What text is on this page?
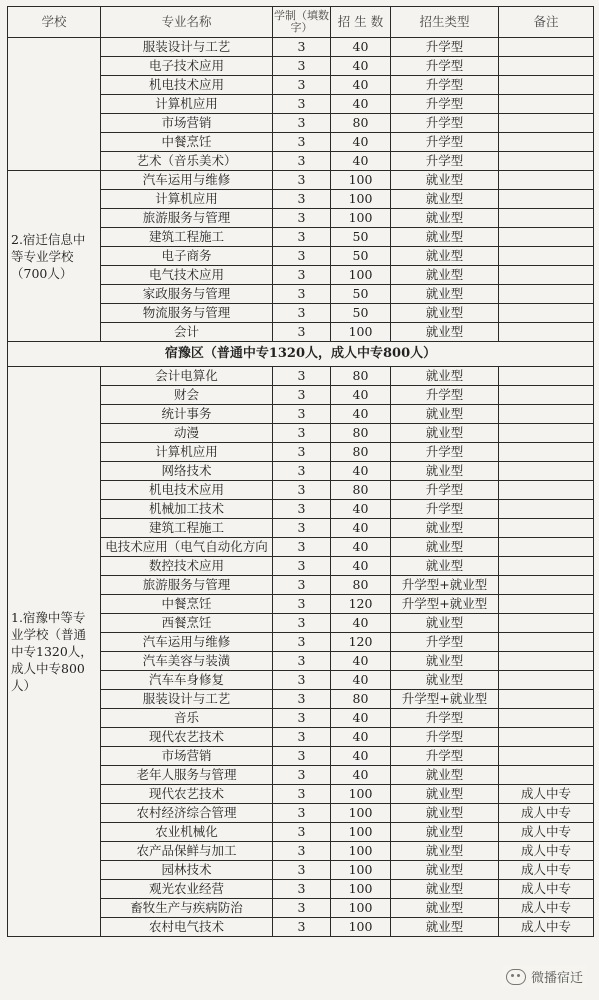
学校	专业名称	学制（填数字）	招 生 数	招生类型	备注
	服装设计与工艺	3	40	升学型	
	电子技术应用	3	40	升学型	
	机电技术应用	3	40	升学型	
	计算机应用	3	40	升学型	
	市场营销	3	80	升学型	
	中餐烹饪	3	40	升学型	
	艺术（音乐美术）	3	40	升学型	
2.宿迁信息中等专业学校（700人）	汽车运用与维修	3	100	就业型	
	计算机应用	3	100	就业型	
	旅游服务与管理	3	100	就业型	
	建筑工程施工	3	50	就业型	
	电子商务	3	50	就业型	
	电气技术应用	3	100	就业型	
	家政服务与管理	3	50	就业型	
	物流服务与管理	3	50	就业型	
	会计	3	100	就业型	
宿豫区（普通中专1320人，成人中专800人）					
1.宿豫中等专业学校（普通中专1320人，成人中专800人）	会计电算化	3	80	就业型	
	财会	3	40	升学型	
	统计事务	3	40	就业型	
	动漫	3	80	就业型	
	计算机应用	3	80	升学型	
	网络技术	3	40	就业型	
	机电技术应用	3	80	升学型	
	机械加工技术	3	40	升学型	
	建筑工程施工	3	40	就业型	
	电技术应用（电气自动化方向	3	40	就业型	
	数控技术应用	3	40	就业型	
	旅游服务与管理	3	80	升学型+就业型	
	中餐烹饪	3	120	升学型+就业型	
	西餐烹饪	3	40	就业型	
	汽车运用与维修	3	120	升学型	
	汽车美容与装潢	3	40	就业型	
	汽车车身修复	3	40	就业型	
	服装设计与工艺	3	80	升学型+就业型	
	音乐	3	40	升学型	
	现代农艺技术	3	40	升学型	
	市场营销	3	40	升学型	
	老年人服务与管理	3	40	就业型	
	现代农艺技术	3	100	就业型	成人中专
	农村经济综合管理	3	100	就业型	成人中专
	农业机械化	3	100	就业型	成人中专
	农产品保鲜与加工	3	100	就业型	成人中专
	园林技术	3	100	就业型	成人中专
	观光农业经营	3	100	就业型	成人中专
	畜牧生产与疾病防治	3	100	就业型	成人中专
	农村电气技术	3	100	就业型	成人中专
微播宿迁
